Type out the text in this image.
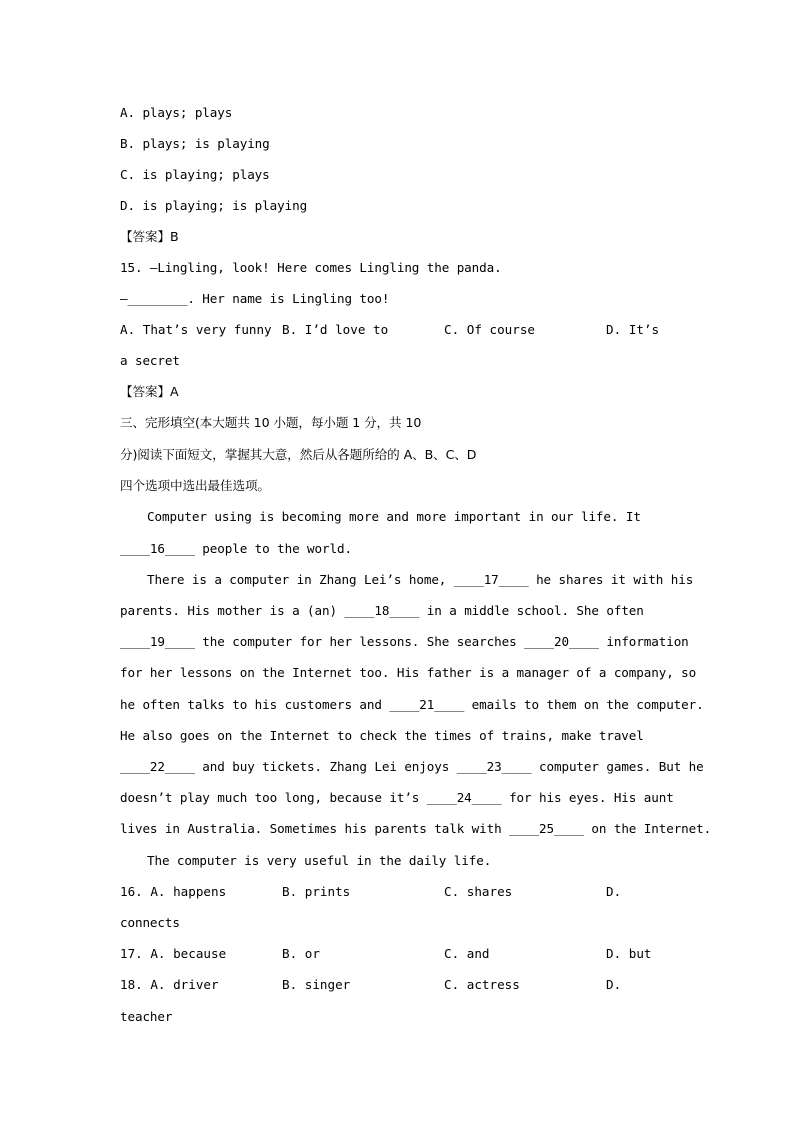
A. plays; plays
B. plays; is playing
C. is playing; plays
D. is playing; is playing
【答案】B
15. —Lingling, look! Here comes Lingling the panda.
—________. Her name is Lingling too!
A. That’s very funny B. I’d love to	C. Of course	D. It’s
a secret
【答案】A
三、完形填空(本大题共 10 小题，每小题 1 分，共 10
分)阅读下面短文，掌握其大意，然后从各题所给的 A、B、C、D
四个选项中选出最佳选项。
Computer using is becoming more and more important in our life. It
____16____ people to the world.
There is a computer in Zhang Lei’s home, ____17____ he shares it with his
parents. His mother is a (an) ____18____ in a middle school. She often
____19____ the computer for her lessons. She searches ____20____ information
for her lessons on the Internet too. His father is a manager of a company, so
he often talks to his customers and ____21____ emails to them on the computer.
He also goes on the Internet to check the times of trains, make travel
____22____ and buy tickets. Zhang Lei enjoys ____23____ computer games. But he
doesn’t play much too long, because it’s ____24____ for his eyes. His aunt
lives in Australia. Sometimes his parents talk with ____25____ on the Internet.
The computer is very useful in the daily life.
16. A. happens	B. prints	C. shares	D.
connects
17. A. because	B. or	C. and	D. but
18. A. driver	B. singer	C. actress	D.
teacher
